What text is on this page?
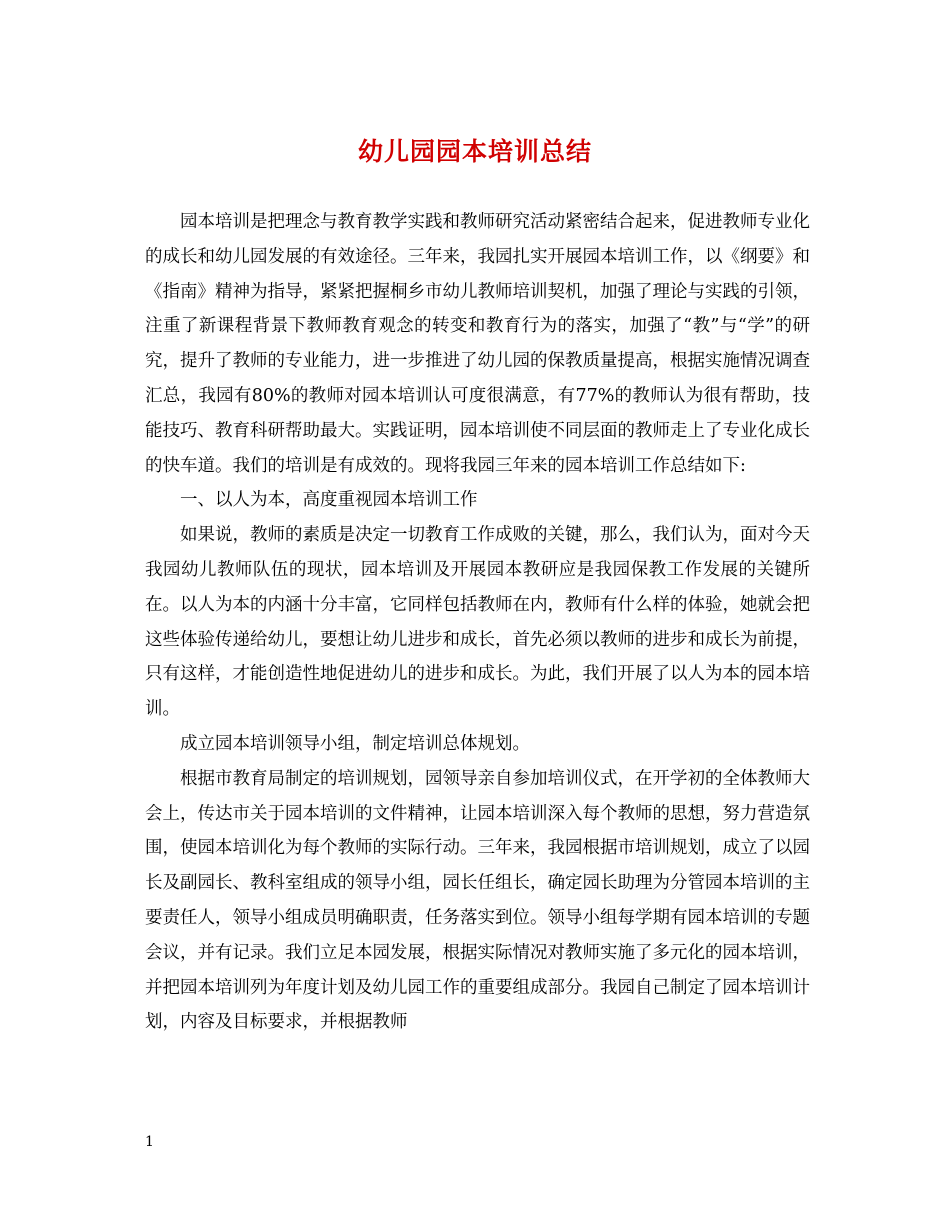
幼儿园园本培训总结

园本培训是把理念与教育教学实践和教师研究活动紧密结合起来，促进教师专业化的成长和幼儿园发展的有效途径。三年来，我园扎实开展园本培训工作，以《纲要》和《指南》精神为指导，紧紧把握桐乡市幼儿教师培训契机，加强了理论与实践的引领，注重了新课程背景下教师教育观念的转变和教育行为的落实，加强了“教”与“学”的研究，提升了教师的专业能力，进一步推进了幼儿园的保教质量提高，根据实施情况调查汇总，我园有80%的教师对园本培训认可度很满意，有77%的教师认为很有帮助，技能技巧、教育科研帮助最大。实践证明，园本培训使不同层面的教师走上了专业化成长的快车道。我们的培训是有成效的。现将我园三年来的园本培训工作总结如下:

一、以人为本，高度重视园本培训工作

如果说，教师的素质是决定一切教育工作成败的关键，那么，我们认为，面对今天我园幼儿教师队伍的现状，园本培训及开展园本教研应是我园保教工作发展的关键所在。以人为本的内涵十分丰富，它同样包括教师在内，教师有什么样的体验，她就会把这些体验传递给幼儿，要想让幼儿进步和成长，首先必须以教师的进步和成长为前提，只有这样，才能创造性地促进幼儿的进步和成长。为此，我们开展了以人为本的园本培训。

成立园本培训领导小组，制定培训总体规划。

根据市教育局制定的培训规划，园领导亲自参加培训仪式，在开学初的全体教师大会上，传达市关于园本培训的文件精神，让园本培训深入每个教师的思想，努力营造氛围，使园本培训化为每个教师的实际行动。三年来，我园根据市培训规划，成立了以园长及副园长、教科室组成的领导小组，园长任组长，确定园长助理为分管园本培训的主要责任人，领导小组成员明确职责，任务落实到位。领导小组每学期有园本培训的专题会议，并有记录。我们立足本园发展，根据实际情况对教师实施了多元化的园本培训，并把园本培训列为年度计划及幼儿园工作的重要组成部分。我园自己制定了园本培训计划，内容及目标要求，并根据教师

1
